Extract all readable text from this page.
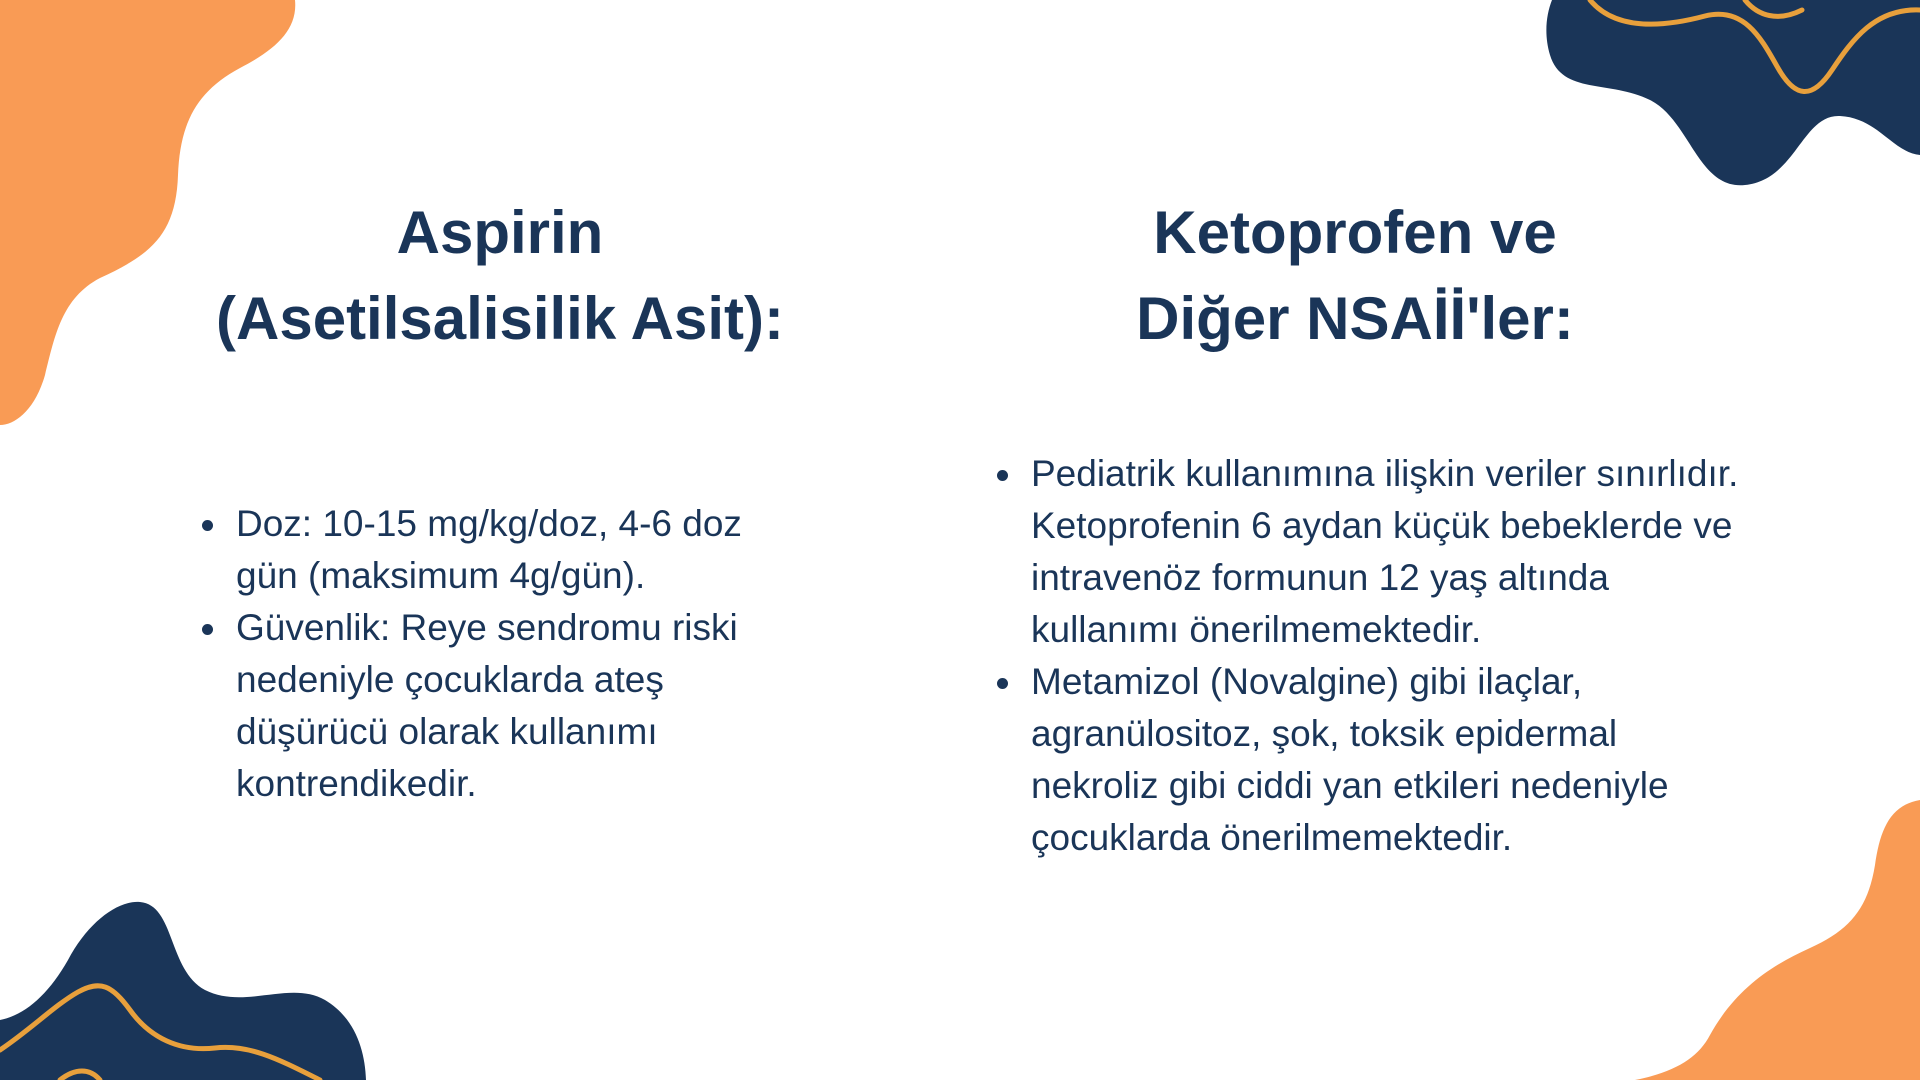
Aspirin
(Asetilsalisilik Asit):
Doz: 10-15 mg/kg/doz, 4-6 doz gün (maksimum 4g/gün).
Güvenlik: Reye sendromu riski nedeniyle çocuklarda ateş düşürücü olarak kullanımı kontrendikedir.
Ketoprofen ve
Diğer NSAİİ'ler:
Pediatrik kullanımına ilişkin veriler sınırlıdır. Ketoprofenin 6 aydan küçük bebeklerde ve intravenöz formunun 12 yaş altında kullanımı önerilmemektedir.
Metamizol (Novalgine) gibi ilaçlar, agranülositoz, şok, toksik epidermal nekroliz gibi ciddi yan etkileri nedeniyle çocuklarda önerilmemektedir.
